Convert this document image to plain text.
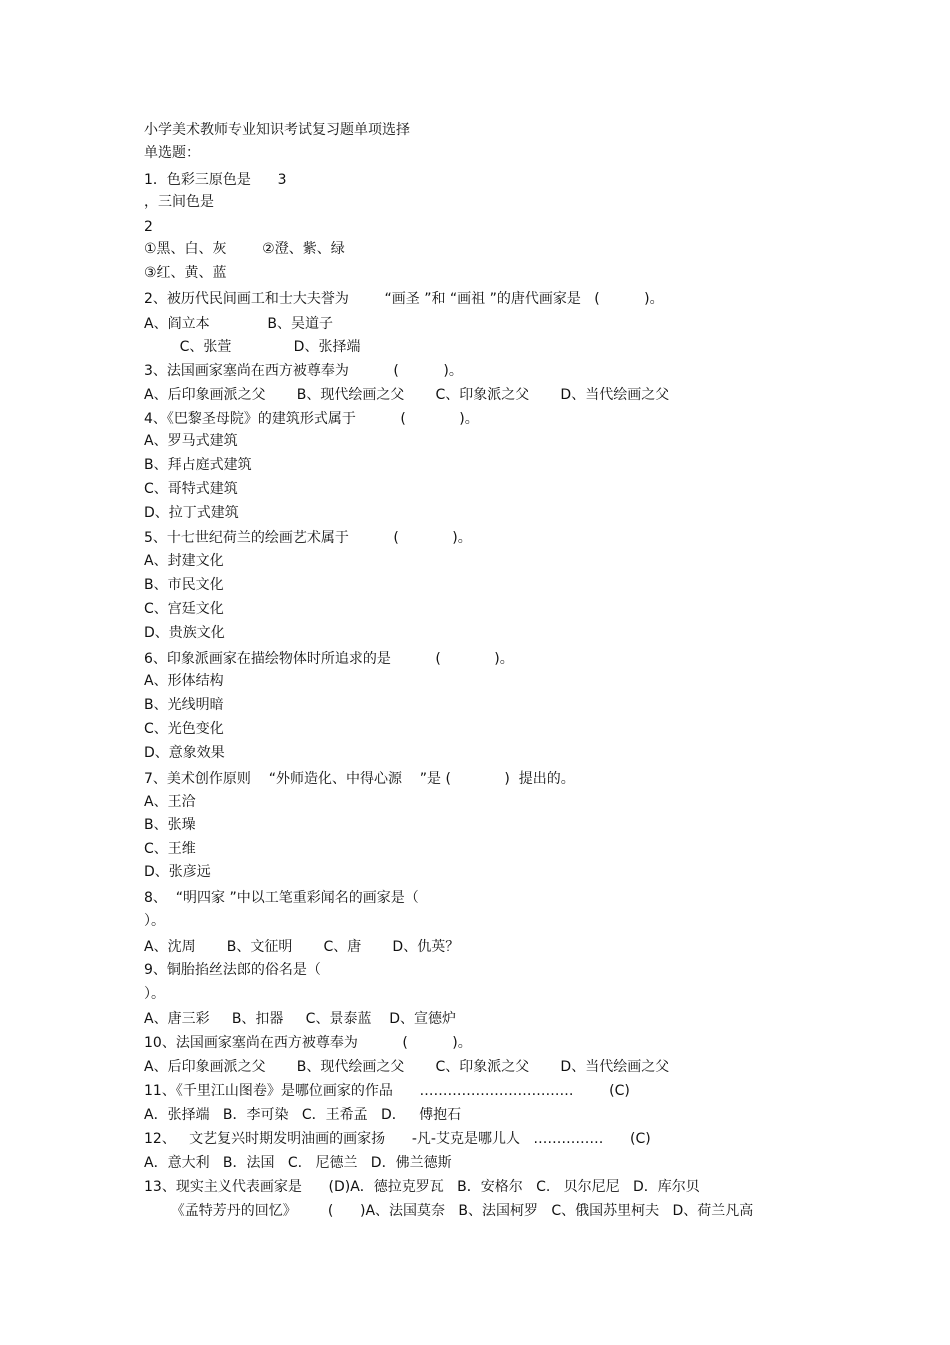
小学美术教师专业知识考试复习题单项选择
单选题：
1．色彩三原色是      3
，三间色是
2
①黑、白、灰        ②澄、紫、绿
③红、黄、蓝
2、被历代民间画工和士大夫誉为        “画圣 ”和 “画祖 ”的唐代画家是   (          )。
A、阎立本             B、吴道子
C、张萱              D、张择端
3、法国画家塞尚在西方被尊奉为          (          )。
A、后印象画派之父       B、现代绘画之父       C、印象派之父       D、当代绘画之父
4、《巴黎圣母院》的建筑形式属于          (            )。
A、罗马式建筑
B、拜占庭式建筑
C、哥特式建筑
D、拉丁式建筑
5、十七世纪荷兰的绘画艺术属于          (            )。
A、封建文化
B、市民文化
C、宫廷文化
D、贵族文化
6、印象派画家在描绘物体时所追求的是          (            )。
A、形体结构
B、光线明暗
C、光色变化
D、意象效果
7、美术创作原则    “外师造化、中得心源    ”是 (            )  提出的。
A、王洽
B、张璪
C、王维
D、张彦远
8、  “明四家 ”中以工笔重彩闻名的画家是（
）。
A、沈周       B、文征明       C、唐       D、仇英？
9、铜胎掐丝法郎的俗名是（
）。
A、唐三彩     B、扣器     C、景泰蓝    D、宣德炉
10、法国画家塞尚在西方被尊奉为          (          )。
A、后印象画派之父       B、现代绘画之父       C、印象派之父       D、当代绘画之父
11、《千里江山图卷》是哪位画家的作品      ……………………………        (C)
A．张择端   B．李可染   C．王希孟   D．   傅抱石
12、   文艺复兴时期发明油画的画家扬      -凡-艾克是哪儿人   ……………      (C)
A．意大利   B．法国   C.   尼德兰   D．佛兰德斯
13、现实主义代表画家是      (D)A．德拉克罗瓦   B．安格尔   C.   贝尔尼尼   D．库尔贝
《孟特芳丹的回忆》       (      )A、法国莫奈   B、法国柯罗   C、俄国苏里柯夫   D、荷兰凡高
